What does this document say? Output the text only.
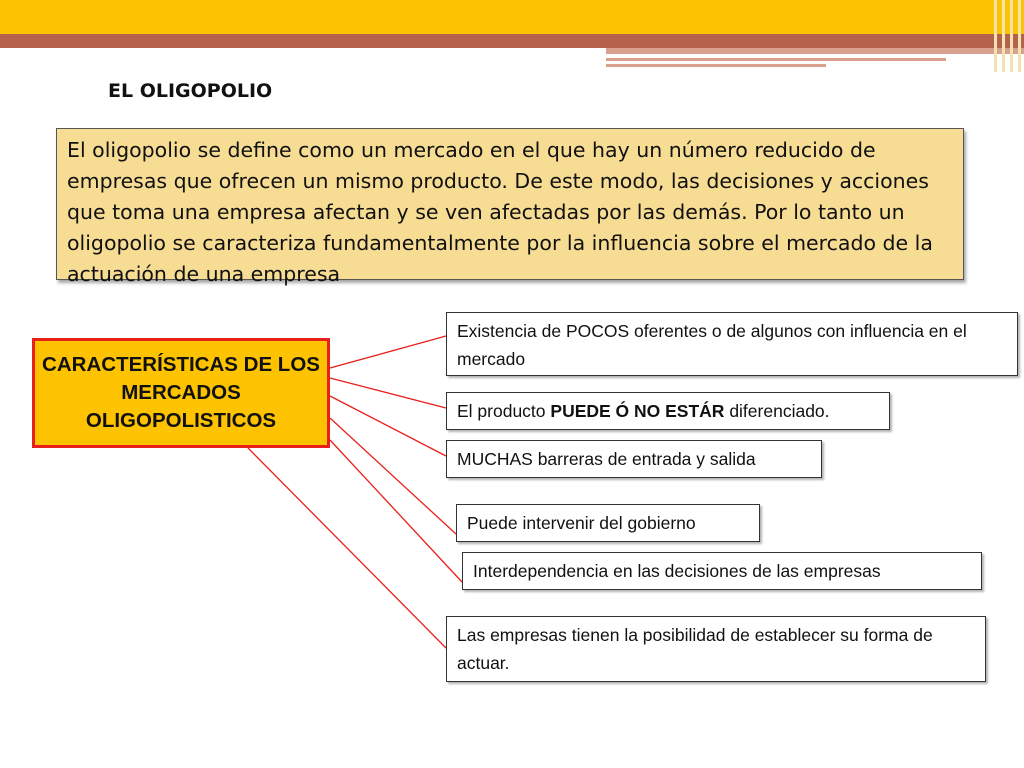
EL OLIGOPOLIO
El oligopolio se define como un mercado en el que hay un número reducido de empresas que ofrecen un mismo producto. De este modo, las decisiones y acciones que toma una empresa afectan y se ven afectadas por las demás. Por lo tanto un oligopolio se caracteriza fundamentalmente por la influencia sobre el mercado de la actuación de una empresa
CARACTERÍSTICAS DE LOS
MERCADOS
OLIGOPOLISTICOS
Existencia de POCOS oferentes o de algunos con influencia en el mercado
El producto PUEDE Ó NO ESTÁR diferenciado.
MUCHAS barreras de entrada y salida
Puede intervenir del gobierno
Interdependencia en las decisiones de las empresas
Las empresas tienen la posibilidad de establecer su forma de actuar.
